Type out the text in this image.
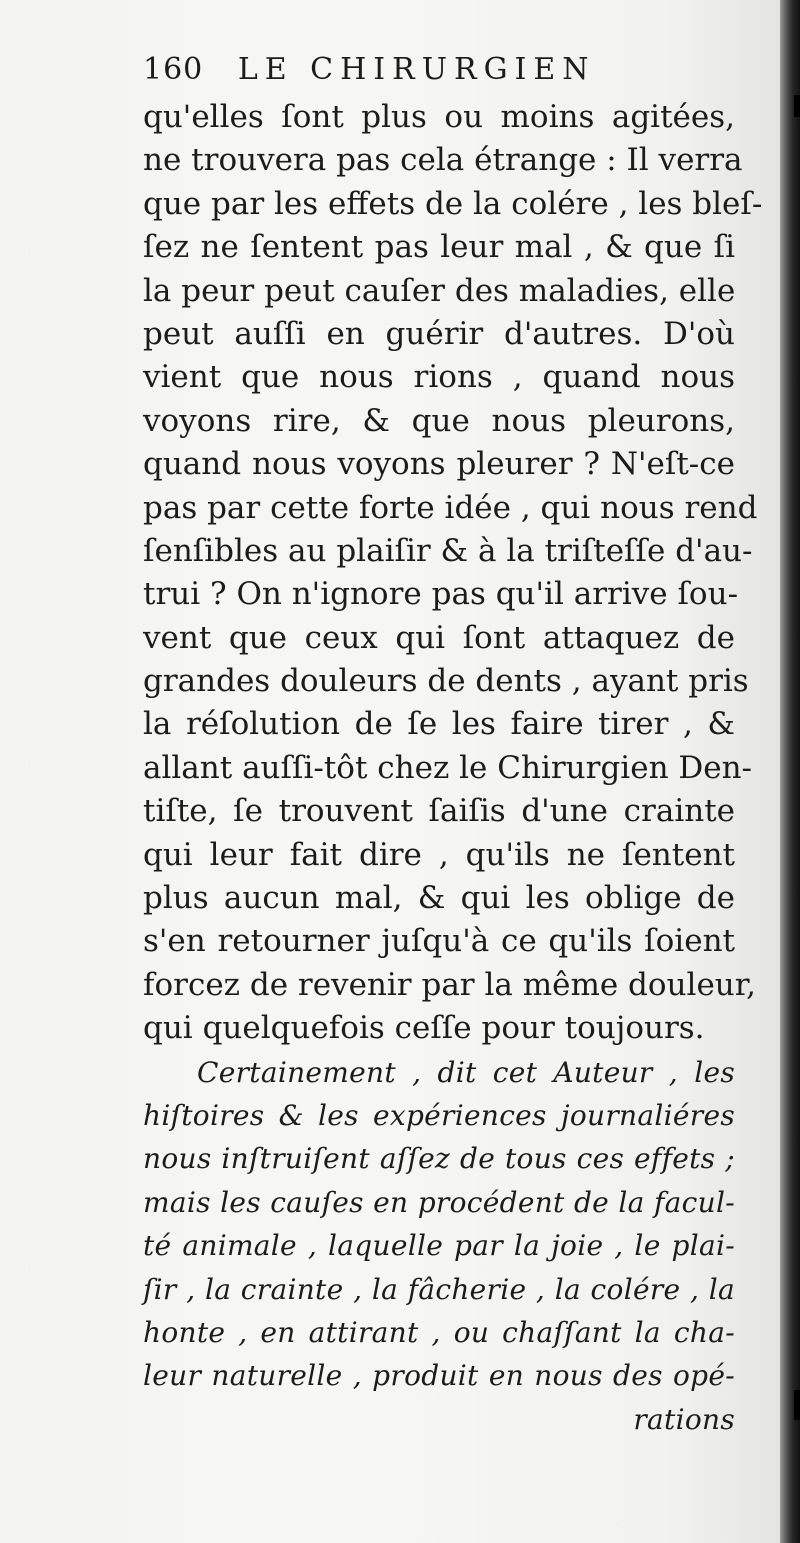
160 LE CHIRURGIEN
qu'elles ſont plus ou moins agitées,
ne trouvera pas cela étrange : Il verra
que par les effets de la colére , les bleſ-
ſez ne ſentent pas leur mal , & que ſi
la peur peut cauſer des maladies, elle
peut auſſi en guérir d'autres. D'où
vient que nous rions , quand nous
voyons rire, & que nous pleurons,
quand nous voyons pleurer ? N'eſt-ce
pas par cette forte idée , qui nous rend
ſenſibles au plaiſir & à la triſteſſe d'au-
trui ? On n'ignore pas qu'il arrive ſou-
vent que ceux qui ſont attaquez de
grandes douleurs de dents , ayant pris
la réſolution de ſe les faire tirer , &
allant auſſi-tôt chez le Chirurgien Den-
tiſte, ſe trouvent ſaiſis d'une crainte
qui leur fait dire , qu'ils ne ſentent
plus aucun mal, & qui les oblige de
s'en retourner juſqu'à ce qu'ils ſoient
forcez de revenir par la même douleur,
qui quelquefois ceſſe pour toujours.
Certainement , dit cet Auteur , les
hiſtoires & les expériences journaliéres
nous inſtruiſent aſſez de tous ces effets ;
mais les cauſes en procédent de la facul-
té animale , laquelle par la joie , le plai-
ſir , la crainte , la fâcherie , la colére , la
honte , en attirant , ou chaſſant la cha-
leur naturelle , produit en nous des opé-
rations
